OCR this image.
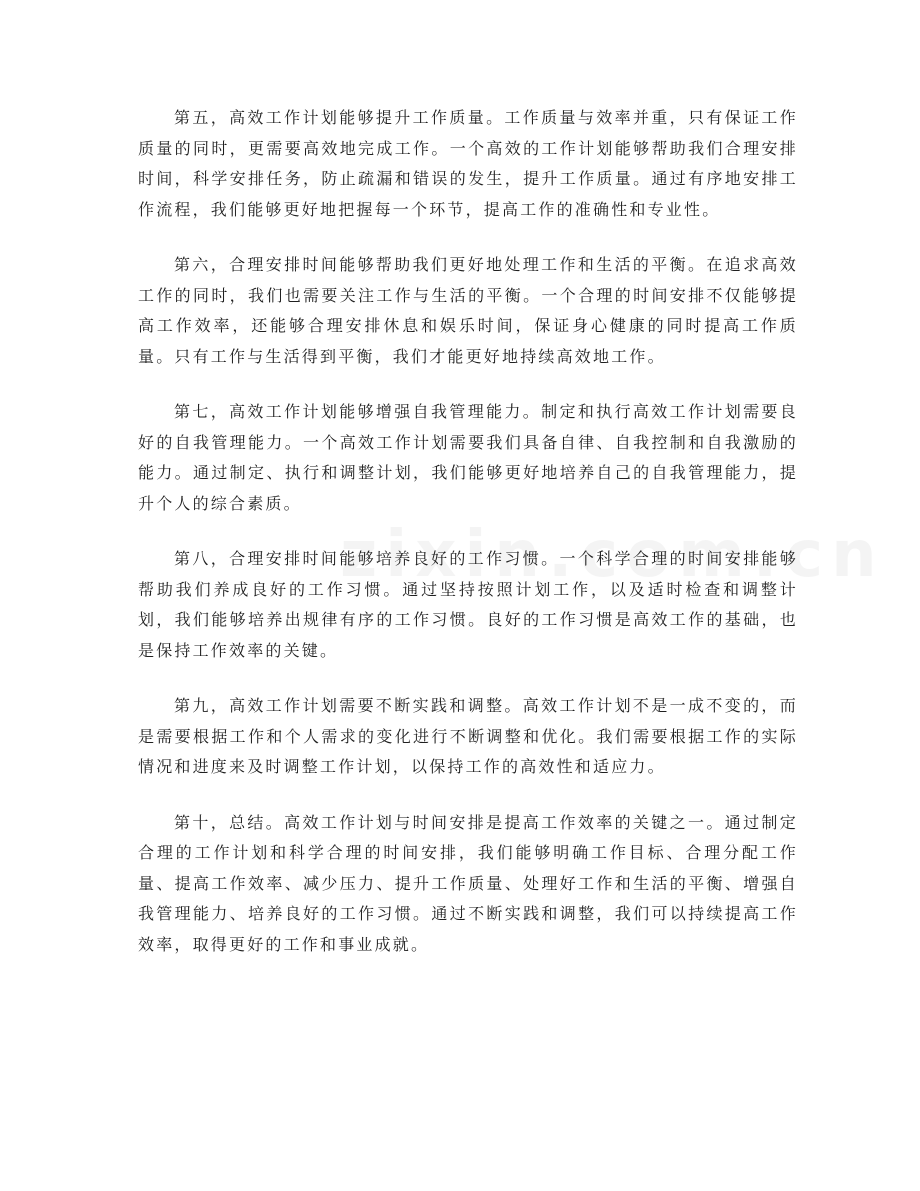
第五，高效工作计划能够提升工作质量。工作质量与效率并重，只有保证工作质量的同时，更需要高效地完成工作。一个高效的工作计划能够帮助我们合理安排时间，科学安排任务，防止疏漏和错误的发生，提升工作质量。通过有序地安排工作流程，我们能够更好地把握每一个环节，提高工作的准确性和专业性。

第六，合理安排时间能够帮助我们更好地处理工作和生活的平衡。在追求高效工作的同时，我们也需要关注工作与生活的平衡。一个合理的时间安排不仅能够提高工作效率，还能够合理安排休息和娱乐时间，保证身心健康的同时提高工作质量。只有工作与生活得到平衡，我们才能更好地持续高效地工作。

第七，高效工作计划能够增强自我管理能力。制定和执行高效工作计划需要良好的自我管理能力。一个高效工作计划需要我们具备自律、自我控制和自我激励的能力。通过制定、执行和调整计划，我们能够更好地培养自己的自我管理能力，提升个人的综合素质。

第八，合理安排时间能够培养良好的工作习惯。一个科学合理的时间安排能够帮助我们养成良好的工作习惯。通过坚持按照计划工作，以及适时检查和调整计划，我们能够培养出规律有序的工作习惯。良好的工作习惯是高效工作的基础，也是保持工作效率的关键。

第九，高效工作计划需要不断实践和调整。高效工作计划不是一成不变的，而是需要根据工作和个人需求的变化进行不断调整和优化。我们需要根据工作的实际情况和进度来及时调整工作计划，以保持工作的高效性和适应力。

第十，总结。高效工作计划与时间安排是提高工作效率的关键之一。通过制定合理的工作计划和科学合理的时间安排，我们能够明确工作目标、合理分配工作量、提高工作效率、减少压力、提升工作质量、处理好工作和生活的平衡、增强自我管理能力、培养良好的工作习惯。通过不断实践和调整，我们可以持续提高工作效率，取得更好的工作和事业成就。
